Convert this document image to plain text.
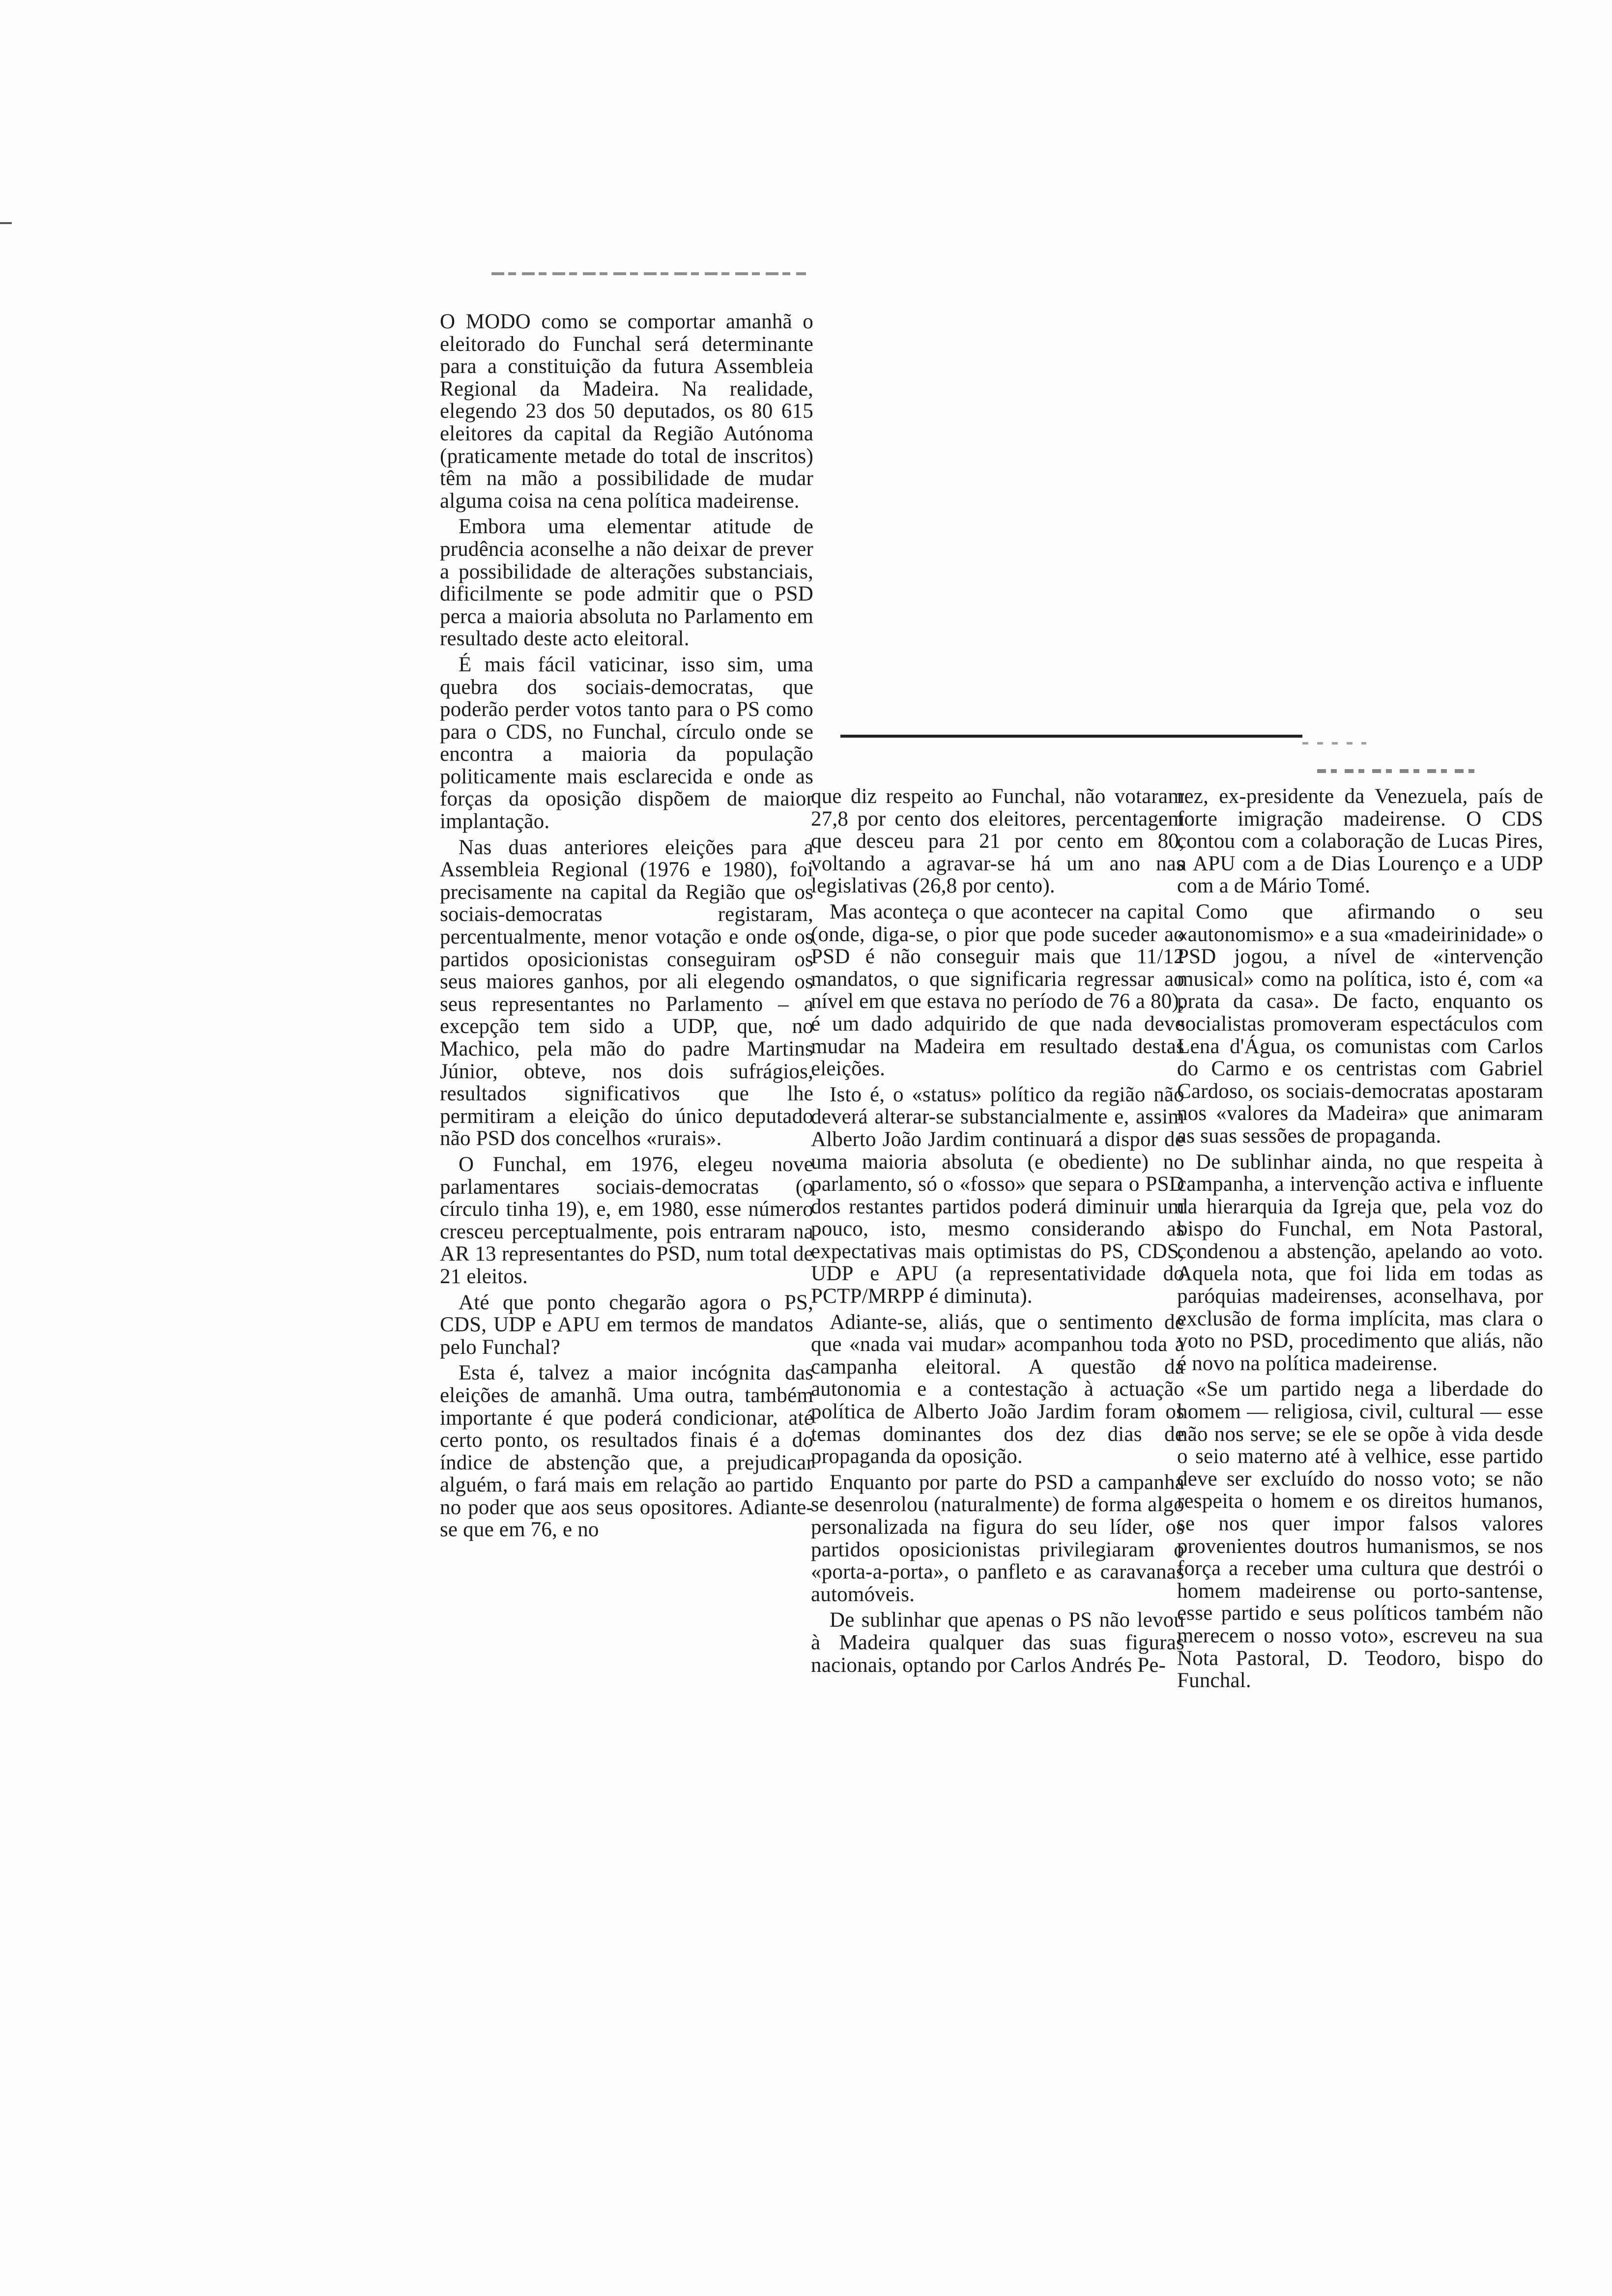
O MODO como se comportar amanhã o eleitorado do Funchal será determinante para a constituição da futura Assembleia Regional da Madeira. Na realidade, elegendo 23 dos 50 deputados, os 80 615 eleitores da capital da Região Autónoma (praticamente metade do total de inscritos) têm na mão a possibilidade de mudar alguma coisa na cena política madeirense.

Embora uma elementar atitude de prudência aconselhe a não deixar de prever a possibilidade de alterações substanciais, dificilmente se pode admitir que o PSD perca a maioria absoluta no Parlamento em resultado deste acto eleitoral.

É mais fácil vaticinar, isso sim, uma quebra dos sociais-democratas, que poderão perder votos tanto para o PS como para o CDS, no Funchal, círculo onde se encontra a maioria da população politicamente mais esclarecida e onde as forças da oposição dispõem de maior implantação.

Nas duas anteriores eleições para a Assembleia Regional (1976 e 1980), foi precisamente na capital da Região que os sociais-democratas registaram, percentualmente, menor votação e onde os partidos oposicionistas conseguiram os seus maiores ganhos, por ali elegendo os seus representantes no Parlamento – a excepção tem sido a UDP, que, no Machico, pela mão do padre Martins Júnior, obteve, nos dois sufrágios, resultados significativos que lhe permitiram a eleição do único deputado não PSD dos concelhos «rurais».

O Funchal, em 1976, elegeu nove parlamentares sociais-democratas (o círculo tinha 19), e, em 1980, esse número cresceu perceptualmente, pois entraram na AR 13 representantes do PSD, num total de 21 eleitos.

Até que ponto chegarão agora o PS, CDS, UDP e APU em termos de mandatos pelo Funchal?

Esta é, talvez a maior incógnita das eleições de amanhã. Uma outra, também importante é que poderá condicionar, até certo ponto, os resultados finais é a do índice de abstenção que, a prejudicar alguém, o fará mais em relação ao partido no poder que aos seus opositores. Adiante-se que em 76, e no

que diz respeito ao Funchal, não votaram 27,8 por cento dos eleitores, percentagem que desceu para 21 por cento em 80, voltando a agravar-se há um ano nas legislativas (26,8 por cento).

Mas aconteça o que acontecer na capital (onde, diga-se, o pior que pode suceder ao PSD é não conseguir mais que 11/12 mandatos, o que significaria regressar ao nível em que estava no período de 76 a 80), é um dado adquirido de que nada deve mudar na Madeira em resultado destas eleições.

Isto é, o «status» político da região não deverá alterar-se substancialmente e, assim Alberto João Jardim continuará a dispor de uma maioria absoluta (e obediente) no parlamento, só o «fosso» que separa o PSD dos restantes partidos poderá diminuir um pouco, isto, mesmo considerando as expectativas mais optimistas do PS, CDS, UDP e APU (a representatividade do PCTP/MRPP é diminuta).

Adiante-se, aliás, que o sentimento de que «nada vai mudar» acompanhou toda a campanha eleitoral. A questão da autonomia e a contestação à actuação política de Alberto João Jardim foram os temas dominantes dos dez dias de propaganda da oposição.

Enquanto por parte do PSD a campanha se desenrolou (naturalmente) de forma algo personalizada na figura do seu líder, os partidos oposicionistas privilegiaram o «porta-a-porta», o panfleto e as caravanas automóveis.

De sublinhar que apenas o PS não levou à Madeira qualquer das suas figuras nacionais, optando por Carlos Andrés Pe-

rez, ex-presidente da Venezuela, país de forte imigração madeirense. O CDS contou com a colaboração de Lucas Pires, a APU com a de Dias Lourenço e a UDP com a de Mário Tomé.

Como que afirmando o seu «autonomismo» e a sua «madeirinidade» o PSD jogou, a nível de «intervenção musical» como na política, isto é, com «a prata da casa». De facto, enquanto os socialistas promoveram espectáculos com Lena d'Água, os comunistas com Carlos do Carmo e os centristas com Gabriel Cardoso, os sociais-democratas apostaram nos «valores da Madeira» que animaram as suas sessões de propaganda.

De sublinhar ainda, no que respeita à campanha, a intervenção activa e influente da hierarquia da Igreja que, pela voz do bispo do Funchal, em Nota Pastoral, condenou a abstenção, apelando ao voto. Aquela nota, que foi lida em todas as paróquias madeirenses, aconselhava, por exclusão de forma implícita, mas clara o voto no PSD, procedimento que aliás, não é novo na política madeirense.

«Se um partido nega a liberdade do homem — religiosa, civil, cultural — esse não nos serve; se ele se opõe à vida desde o seio materno até à velhice, esse partido deve ser excluído do nosso voto; se não respeita o homem e os direitos humanos, se nos quer impor falsos valores provenientes doutros humanismos, se nos força a receber uma cultura que destrói o homem madeirense ou porto-santense, esse partido e seus políticos também não merecem o nosso voto», escreveu na sua Nota Pastoral, D. Teodoro, bispo do Funchal.
